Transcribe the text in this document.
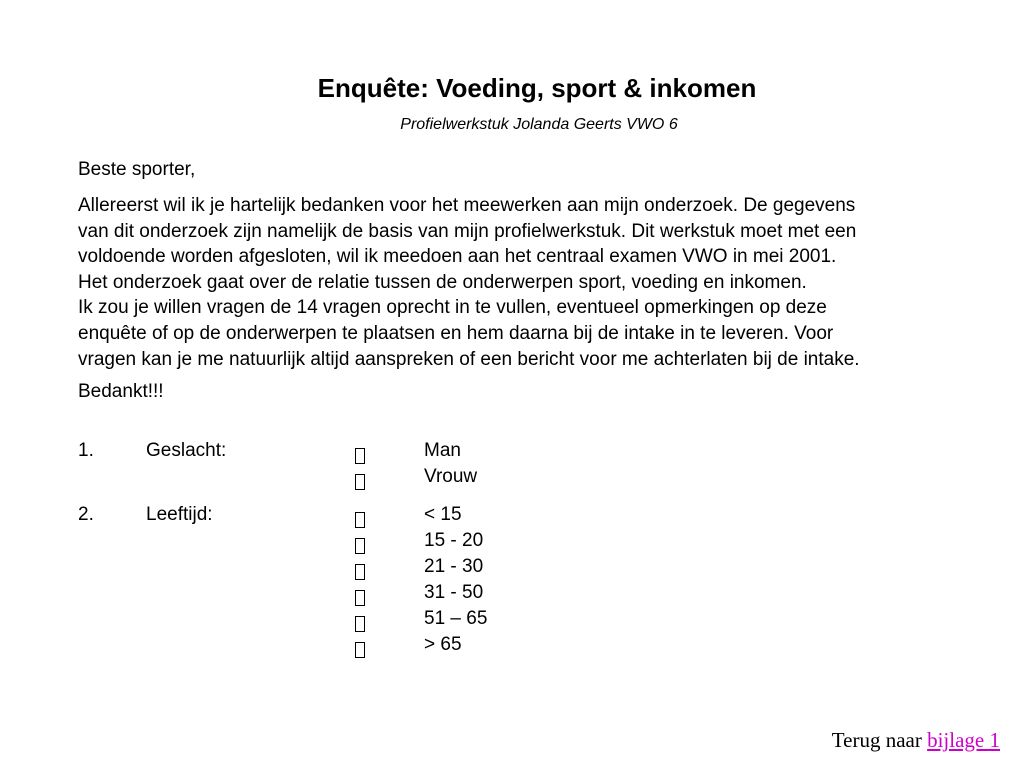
Enquête: Voeding, sport & inkomen
Profielwerkstuk Jolanda Geerts VWO 6
Beste sporter,

Allereerst wil ik je hartelijk bedanken voor het meewerken aan mijn onderzoek. De gegevens

van dit onderzoek zijn namelijk de basis van mijn profielwerkstuk. Dit werkstuk moet met een

voldoende worden afgesloten, wil ik meedoen aan het centraal examen VWO in mei 2001.

Het onderzoek gaat over de relatie tussen de onderwerpen sport, voeding en inkomen.

Ik zou je willen vragen de 14 vragen oprecht in te vullen, eventueel opmerkingen op deze

enquête of op de onderwerpen te plaatsen en hem daarna bij de intake in te leveren. Voor

vragen kan je me natuurlijk altijd aanspreken of een bericht voor me achterlaten bij de intake.

Bedankt!!!
1.	Geslacht:	Man
Vrouw
2.	Leeftijd:	< 15
15 - 20
21 - 30
31 - 50
51 – 65
> 65
Terug naar bijlage 1
